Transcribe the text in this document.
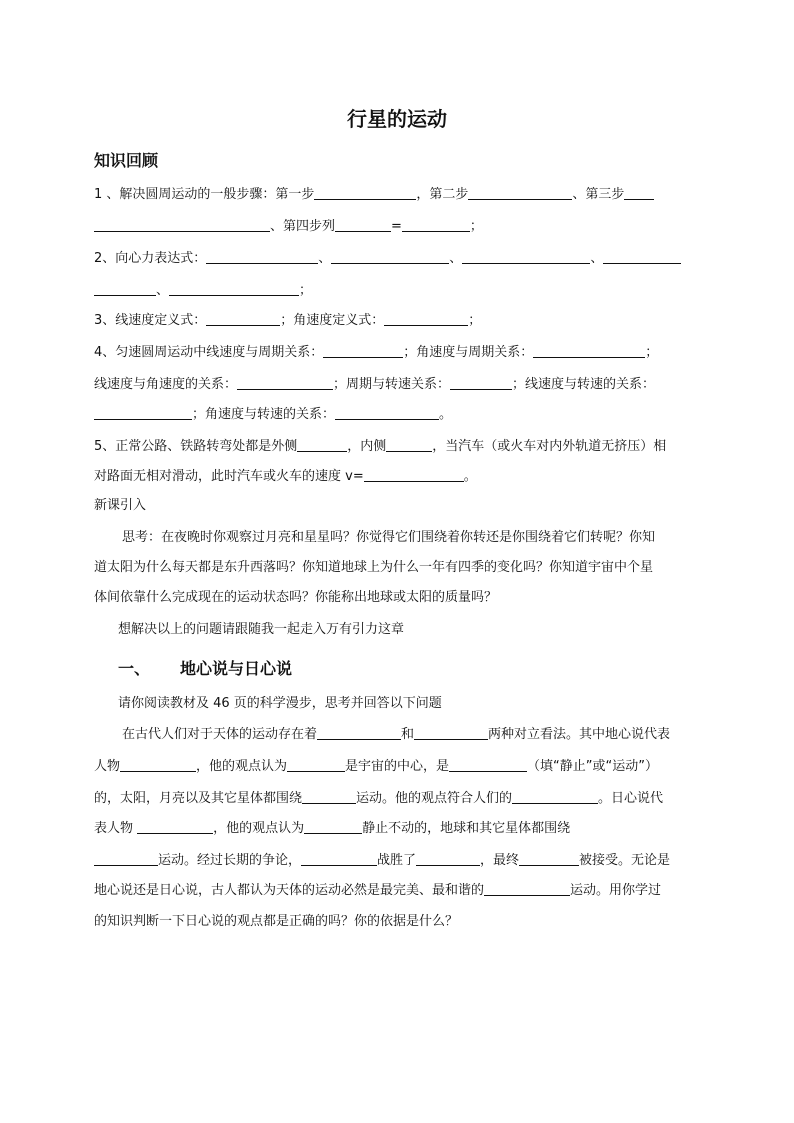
行星的运动
知识回顾
1 、解决圆周运动的一般步骤：第一步	，第二步	、第三步
、第四步列	=	；
2、向心力表达式：	、	、	、
、	；
3、线速度定义式：	；角速度定义式：	；
4、匀速圆周运动中线速度与周期关系：	；角速度与周期关系：	；
线速度与角速度的关系：	；周期与转速关系：	；线速度与转速的关系：
；角速度与转速的关系：	。
5、正常公路、铁路转弯处都是外侧	，内侧	，当汽车（或火车对内外轨道无挤压）相
对路面无相对滑动，此时汽车或火车的速度 v=	。
新课引入
思考：在夜晚时你观察过月亮和星星吗？你觉得它们围绕着你转还是你围绕着它们转呢？你知
道太阳为什么每天都是东升西落吗？你知道地球上为什么一年有四季的变化吗？你知道宇宙中个星
体间依靠什么完成现在的运动状态吗？你能称出地球或太阳的质量吗？
想解决以上的问题请跟随我一起走入万有引力这章
一、 地心说与日心说
请你阅读教材及 46 页的科学漫步，思考并回答以下问题
在古代人们对于天体的运动存在着	和	两种对立看法。其中地心说代表
人物	，他的观点认为	是宇宙的中心，是	（填“静止”或“运动”）
的，太阳，月亮以及其它星体都围绕	运动。他的观点符合人们的	。日心说代
表人物	，他的观点认为	静止不动的，地球和其它星体都围绕
运动。经过长期的争论，	战胜了	，最终	被接受。无论是
地心说还是日心说，古人都认为天体的运动必然是最完美、最和谐的	运动。用你学过
的知识判断一下日心说的观点都是正确的吗？你的依据是什么？
